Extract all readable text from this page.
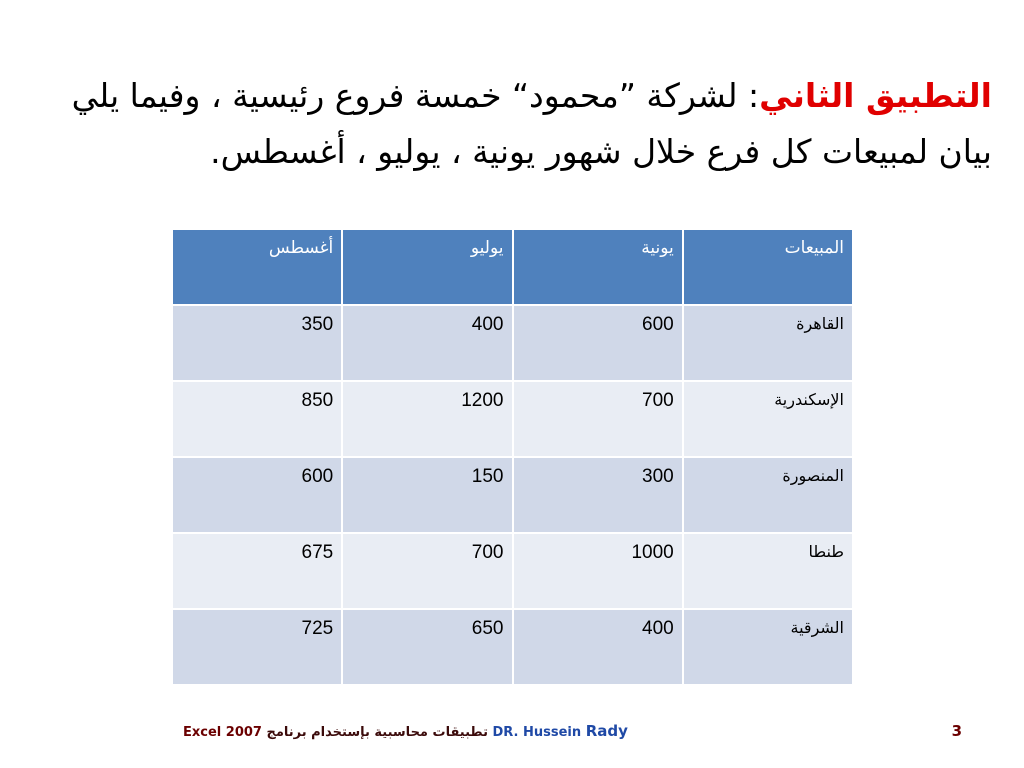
التطبيق الثاني: لشركة ”محمود“ خمسة فروع رئيسية ، وفيما يلي بيان لمبيعات كل فرع خلال شهور يونية ، يوليو ، أغسطس.
المبيعات	يونية	يوليو	أغسطس
القاهرة	600	400	350
الإسكندرية	700	1200	850
المنصورة	300	150	600
طنطا	1000	700	675
الشرقية	400	650	725
Excel 2007 تطبيقات محاسبية بإستخدام برنامج DR. Hussein Rady	3
